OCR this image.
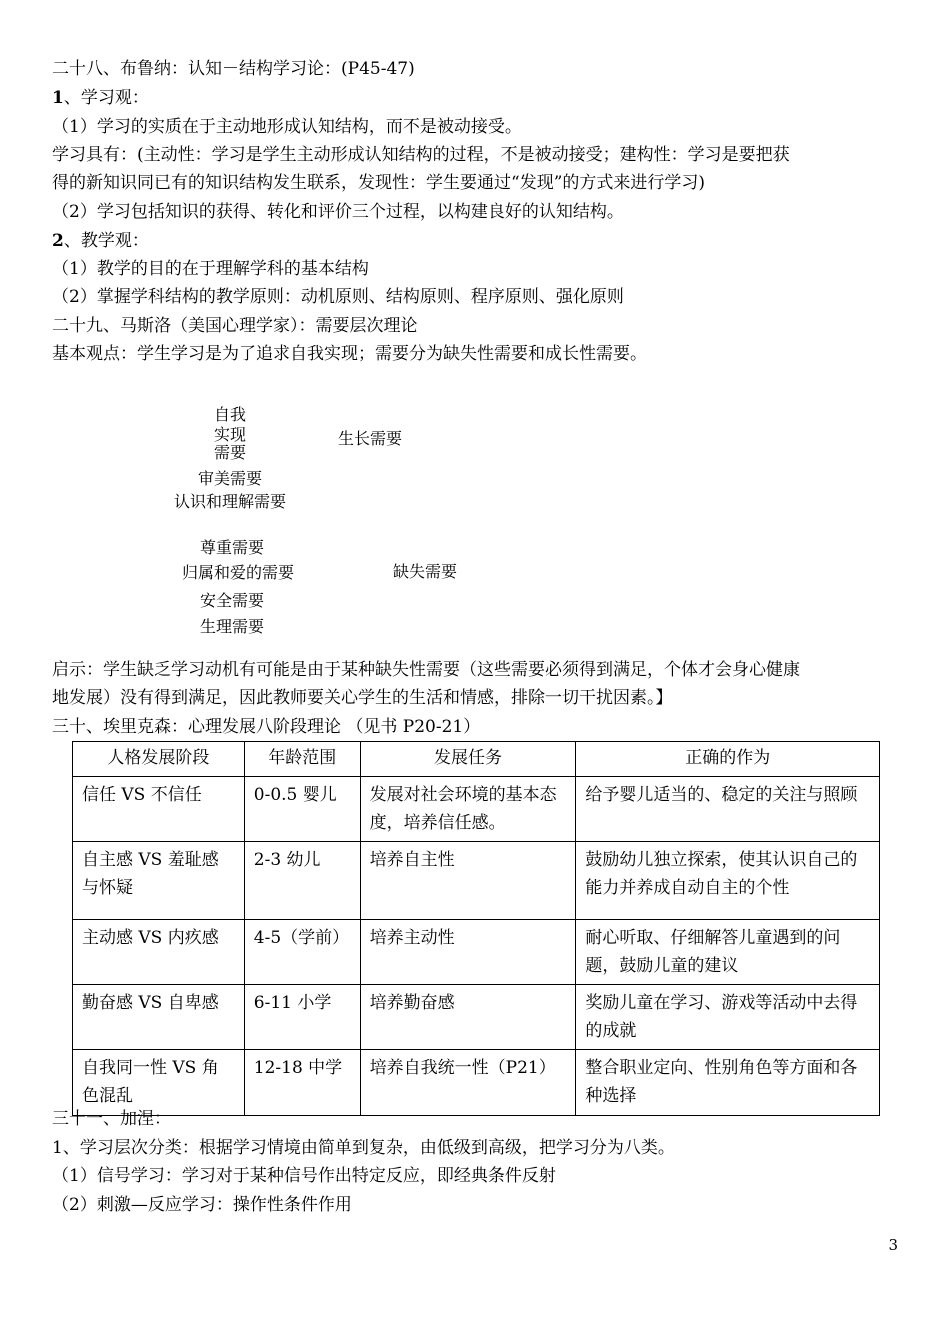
二十八、布鲁纳：认知－结构学习论：(P45-47)
1、学习观：
（1）学习的实质在于主动地形成认知结构，而不是被动接受。
学习具有：(主动性：学习是学生主动形成认知结构的过程，不是被动接受；建构性：学习是要把获
得的新知识同已有的知识结构发生联系，发现性：学生要通过“发现”的方式来进行学习)
（2）学习包括知识的获得、转化和评价三个过程，以构建良好的认知结构。
2、教学观：
（1）教学的目的在于理解学科的基本结构
（2）掌握学科结构的教学原则：动机原则、结构原则、程序原则、强化原则
二十九、马斯洛（美国心理学家）：需要层次理论
基本观点：学生学习是为了追求自我实现；需要分为缺失性需要和成长性需要。
自我
实现
需要
审美需要
认识和理解需要
尊重需要
归属和爱的需要
安全需要
生理需要
生长需要
缺失需要
启示：学生缺乏学习动机有可能是由于某种缺失性需要（这些需要必须得到满足，个体才会身心健康
地发展）没有得到满足，因此教师要关心学生的生活和情感，排除一切干扰因素。】
三十、埃里克森：心理发展八阶段理论 （见书 P20-21）
人格发展阶段	年龄范围	发展任务	正确的作为
信任 VS 不信任	0-0.5 婴儿	发展对社会环境的基本态度，培养信任感。	给予婴儿适当的、稳定的关注与照顾
自主感 VS 羞耻感与怀疑	2-3 幼儿	培养自主性	鼓励幼儿独立探索，使其认识自己的能力并养成自动自主的个性
主动感 VS 内疚感	4-5（学前）	培养主动性	耐心听取、仔细解答儿童遇到的问题，鼓励儿童的建议
勤奋感 VS 自卑感	6-11 小学	培养勤奋感	奖励儿童在学习、游戏等活动中去得的成就
自我同一性 VS 角色混乱	12-18 中学	培养自我统一性（P21）	整合职业定向、性别角色等方面和各种选择
三十一、加涅：
1、学习层次分类：根据学习情境由简单到复杂，由低级到高级，把学习分为八类。
（1）信号学习：学习对于某种信号作出特定反应，即经典条件反射
（2）刺激—反应学习：操作性条件作用
3
